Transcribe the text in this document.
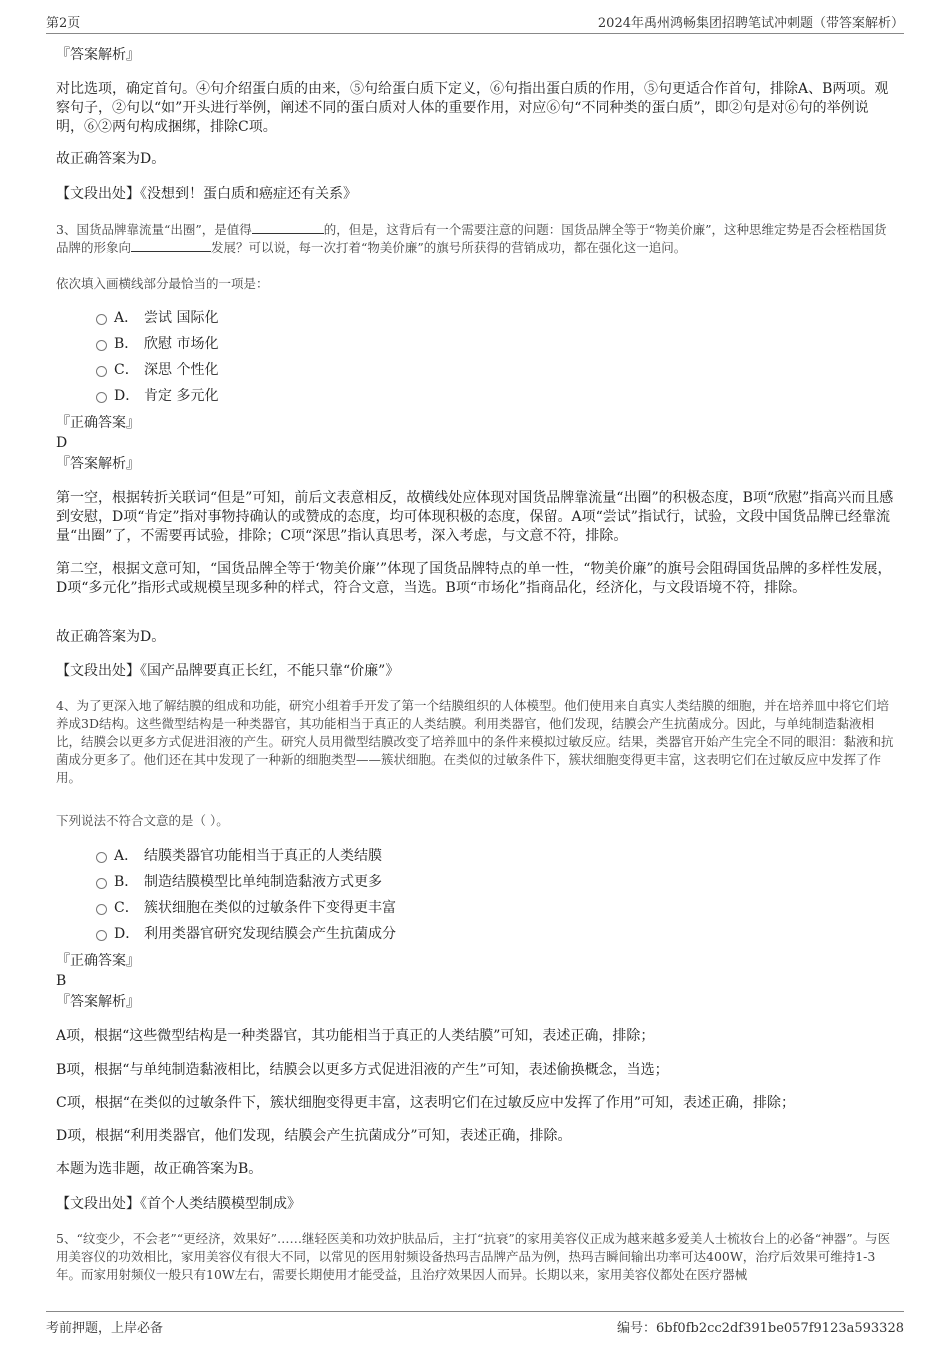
第2页	2024年禹州鸿畅集团招聘笔试冲刺题（带答案解析）
『答案解析』
对比选项，确定首句。④句介绍蛋白质的由来，⑤句给蛋白质下定义，⑥句指出蛋白质的作用，⑤句更适合作首句，排除A、B两项。观察句子，②句以“如”开头进行举例，阐述不同的蛋白质对人体的重要作用，对应⑥句“不同种类的蛋白质”，即②句是对⑥句的举例说明，⑥②两句构成捆绑，排除C项。
故正确答案为D。
【文段出处】《没想到！蛋白质和癌症还有关系》
3、国货品牌靠流量“出圈”，是值得	的，但是，这背后有一个需要注意的问题：国货品牌全等于“物美价廉”，这种思维定势是否会桎梏国货品牌的形象向	发展？可以说，每一次打着“物美价廉”的旗号所获得的营销成功，都在强化这一追问。
依次填入画横线部分最恰当的一项是：
A． 尝试 国际化
B． 欣慰 市场化
C． 深思 个性化
D． 肯定 多元化
『正确答案』
D
『答案解析』
第一空，根据转折关联词“但是”可知，前后文表意相反，故横线处应体现对国货品牌靠流量“出圈”的积极态度，B项“欣慰”指高兴而且感到安慰，D项“肯定”指对事物持确认的或赞成的态度，均可体现积极的态度，保留。A项“尝试”指试行，试验，文段中国货品牌已经靠流量“出圈”了，不需要再试验，排除；C项“深思”指认真思考，深入考虑，与文意不符，排除。
第二空，根据文意可知，“国货品牌全等于‘物美价廉’”体现了国货品牌特点的单一性，“物美价廉”的旗号会阻碍国货品牌的多样性发展，D项“多元化”指形式或规模呈现多种的样式，符合文意，当选。B项“市场化”指商品化，经济化，与文段语境不符，排除。
故正确答案为D。
【文段出处】《国产品牌要真正长红，不能只靠“价廉”》
4、为了更深入地了解结膜的组成和功能，研究小组着手开发了第一个结膜组织的人体模型。他们使用来自真实人类结膜的细胞，并在培养皿中将它们培养成3D结构。这些微型结构是一种类器官，其功能相当于真正的人类结膜。利用类器官，他们发现，结膜会产生抗菌成分。因此，与单纯制造黏液相比，结膜会以更多方式促进泪液的产生。研究人员用微型结膜改变了培养皿中的条件来模拟过敏反应。结果，类器官开始产生完全不同的眼泪：黏液和抗菌成分更多了。他们还在其中发现了一种新的细胞类型——簇状细胞。在类似的过敏条件下，簇状细胞变得更丰富，这表明它们在过敏反应中发挥了作用。
下列说法不符合文意的是（ ）。
A． 结膜类器官功能相当于真正的人类结膜
B． 制造结膜模型比单纯制造黏液方式更多
C． 簇状细胞在类似的过敏条件下变得更丰富
D． 利用类器官研究发现结膜会产生抗菌成分
『正确答案』
B
『答案解析』
A项，根据“这些微型结构是一种类器官，其功能相当于真正的人类结膜”可知，表述正确，排除；
B项，根据“与单纯制造黏液相比，结膜会以更多方式促进泪液的产生”可知，表述偷换概念，当选；
C项，根据“在类似的过敏条件下，簇状细胞变得更丰富，这表明它们在过敏反应中发挥了作用”可知，表述正确，排除；
D项，根据“利用类器官，他们发现，结膜会产生抗菌成分”可知，表述正确，排除。
本题为选非题，故正确答案为B。
【文段出处】《首个人类结膜模型制成》
5、“纹变少，不会老”“更经济，效果好”……继轻医美和功效护肤品后，主打“抗衰”的家用美容仪正成为越来越多爱美人士梳妆台上的必备“神器”。与医用美容仪的功效相比，家用美容仪有很大不同，以常见的医用射频设备热玛吉品牌产品为例，热玛吉瞬间输出功率可达400W，治疗后效果可维持1-3年。而家用射频仪一般只有10W左右，需要长期使用才能受益，且治疗效果因人而异。长期以来，家用美容仪都处在医疗器械
考前押题，上岸必备	编号：6bf0fb2cc2df391be057f9123a593328
